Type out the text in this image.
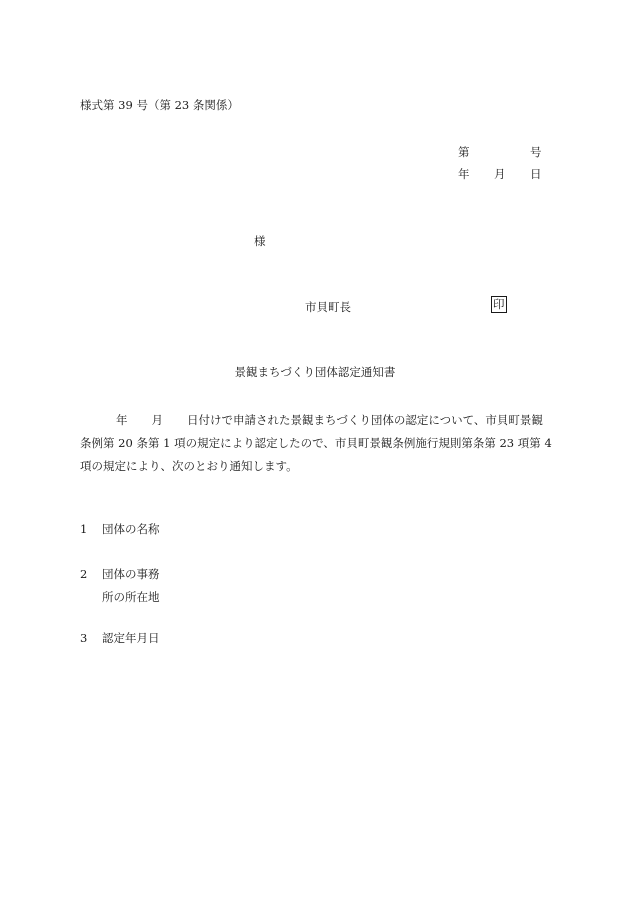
様式第 39 号（第 23 条関係）
第	号
年 月 日
様
市貝町長	印
景観まちづくり団体認定通知書
年 月 日付けで申請された景観まちづくり団体の認定について、市貝町景観
条例第 20 条第 1 項の規定により認定したので、市貝町景観条例施行規則第条第 23 項第 4
項の規定により、次のとおり通知します。
1 団体の名称
2 団体の事務
所の所在地
3 認定年月日
